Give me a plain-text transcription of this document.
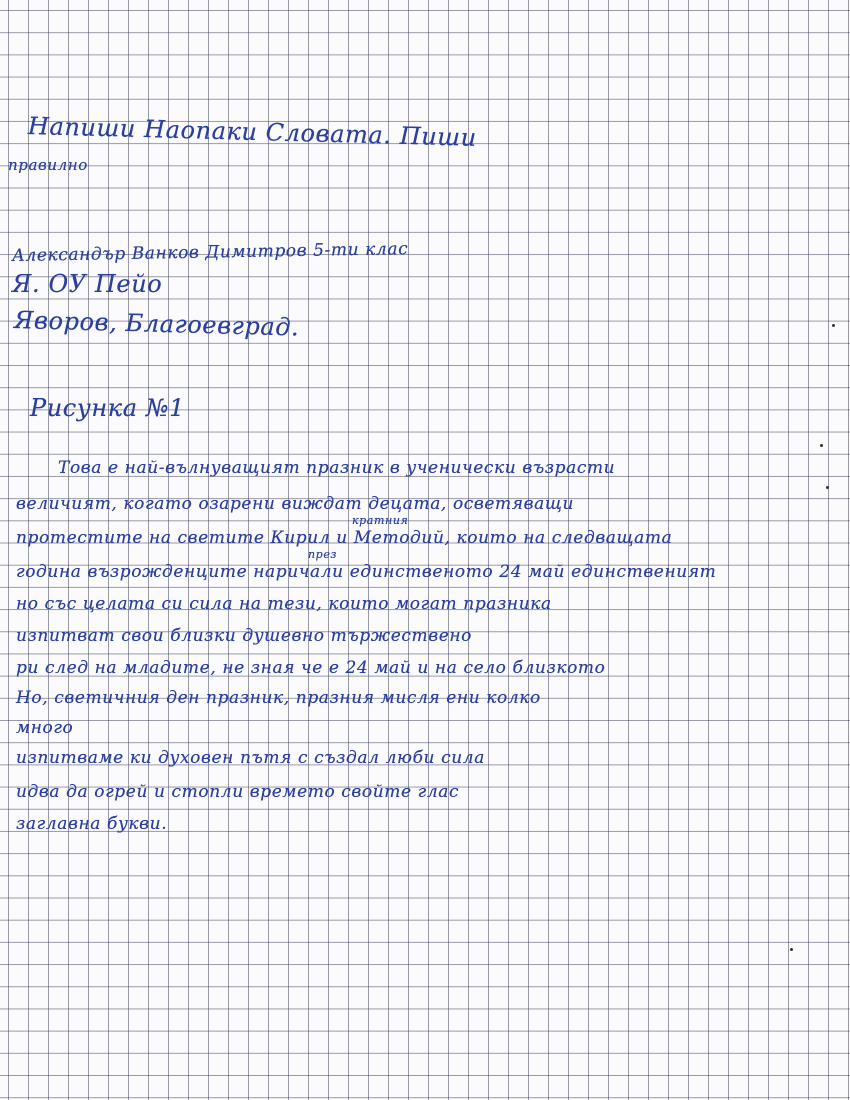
Напиши Наопаки Словата. Пиши
правилно
Александър Ванков Димитров 5-ти клас
Я. ОУ Пейо
Яворов, Благоевград.
Рисунка №1
кратния
през
Това е най-вълнуващият празник в ученически възрасти
величият, когато озарени виждат децата, осветяващи
протестите на светите Кирил и Методий, които на следващата
година възрожденците наричали единственото 24 май единственият
но със целата си сила на тези, които могат празника
изпитват свои близки душевно тържествено
ри след на младите, не зная че е 24 май и на село близкото
Но, светичния ден празник, празния мисля ени колко
много
изпитваме ки духовен пътя с създал люби сила
идва да огрей и стопли времето свойте глас
заглавна букви.
